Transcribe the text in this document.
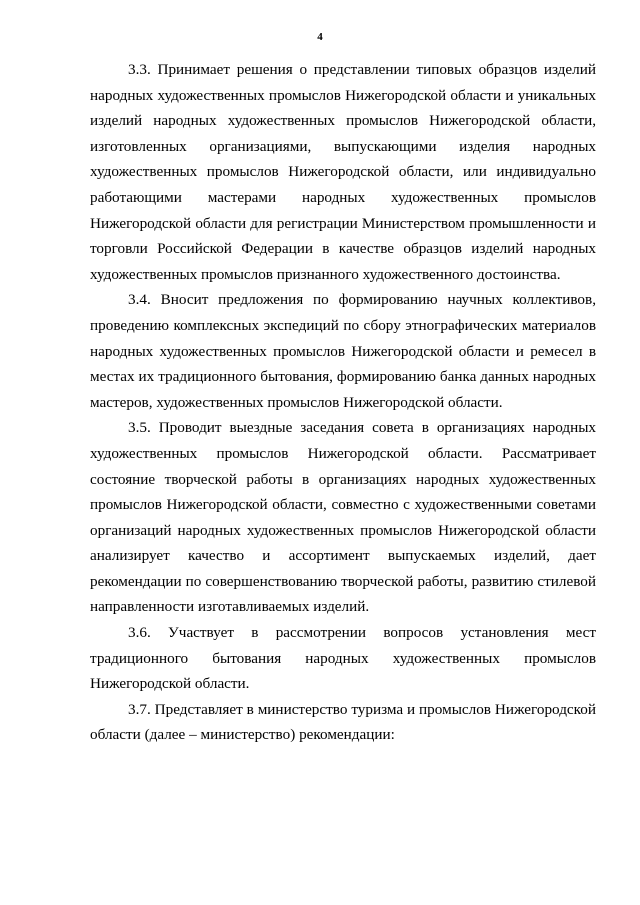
4

3.3. Принимает решения о представлении типовых образцов изделий народных художественных промыслов Нижегородской области и уникальных изделий народных художественных промыслов Нижегородской области, изготовленных организациями, выпускающими изделия народных художественных промыслов Нижегородской области, или индивидуально работающими мастерами народных художественных промыслов Нижегородской области для регистрации Министерством промышленности и торговли Российской Федерации в качестве образцов изделий народных художественных промыслов признанного художественного достоинства.

3.4. Вносит предложения по формированию научных коллективов, проведению комплексных экспедиций по сбору этнографических материалов народных художественных промыслов Нижегородской области и ремесел в местах их традиционного бытования, формированию банка данных народных мастеров, художественных промыслов Нижегородской области.

3.5. Проводит выездные заседания совета в организациях народных художественных промыслов Нижегородской области. Рассматривает состояние творческой работы в организациях народных художественных промыслов Нижегородской области, совместно с художественными советами организаций народных художественных промыслов Нижегородской области анализирует качество и ассортимент выпускаемых изделий, дает рекомендации по совершенствованию творческой работы, развитию стилевой направленности изготавливаемых изделий.

3.6. Участвует в рассмотрении вопросов установления мест традиционного бытования народных художественных промыслов Нижегородской области.

3.7. Представляет в министерство туризма и промыслов Нижегородской области (далее – министерство) рекомендации:
